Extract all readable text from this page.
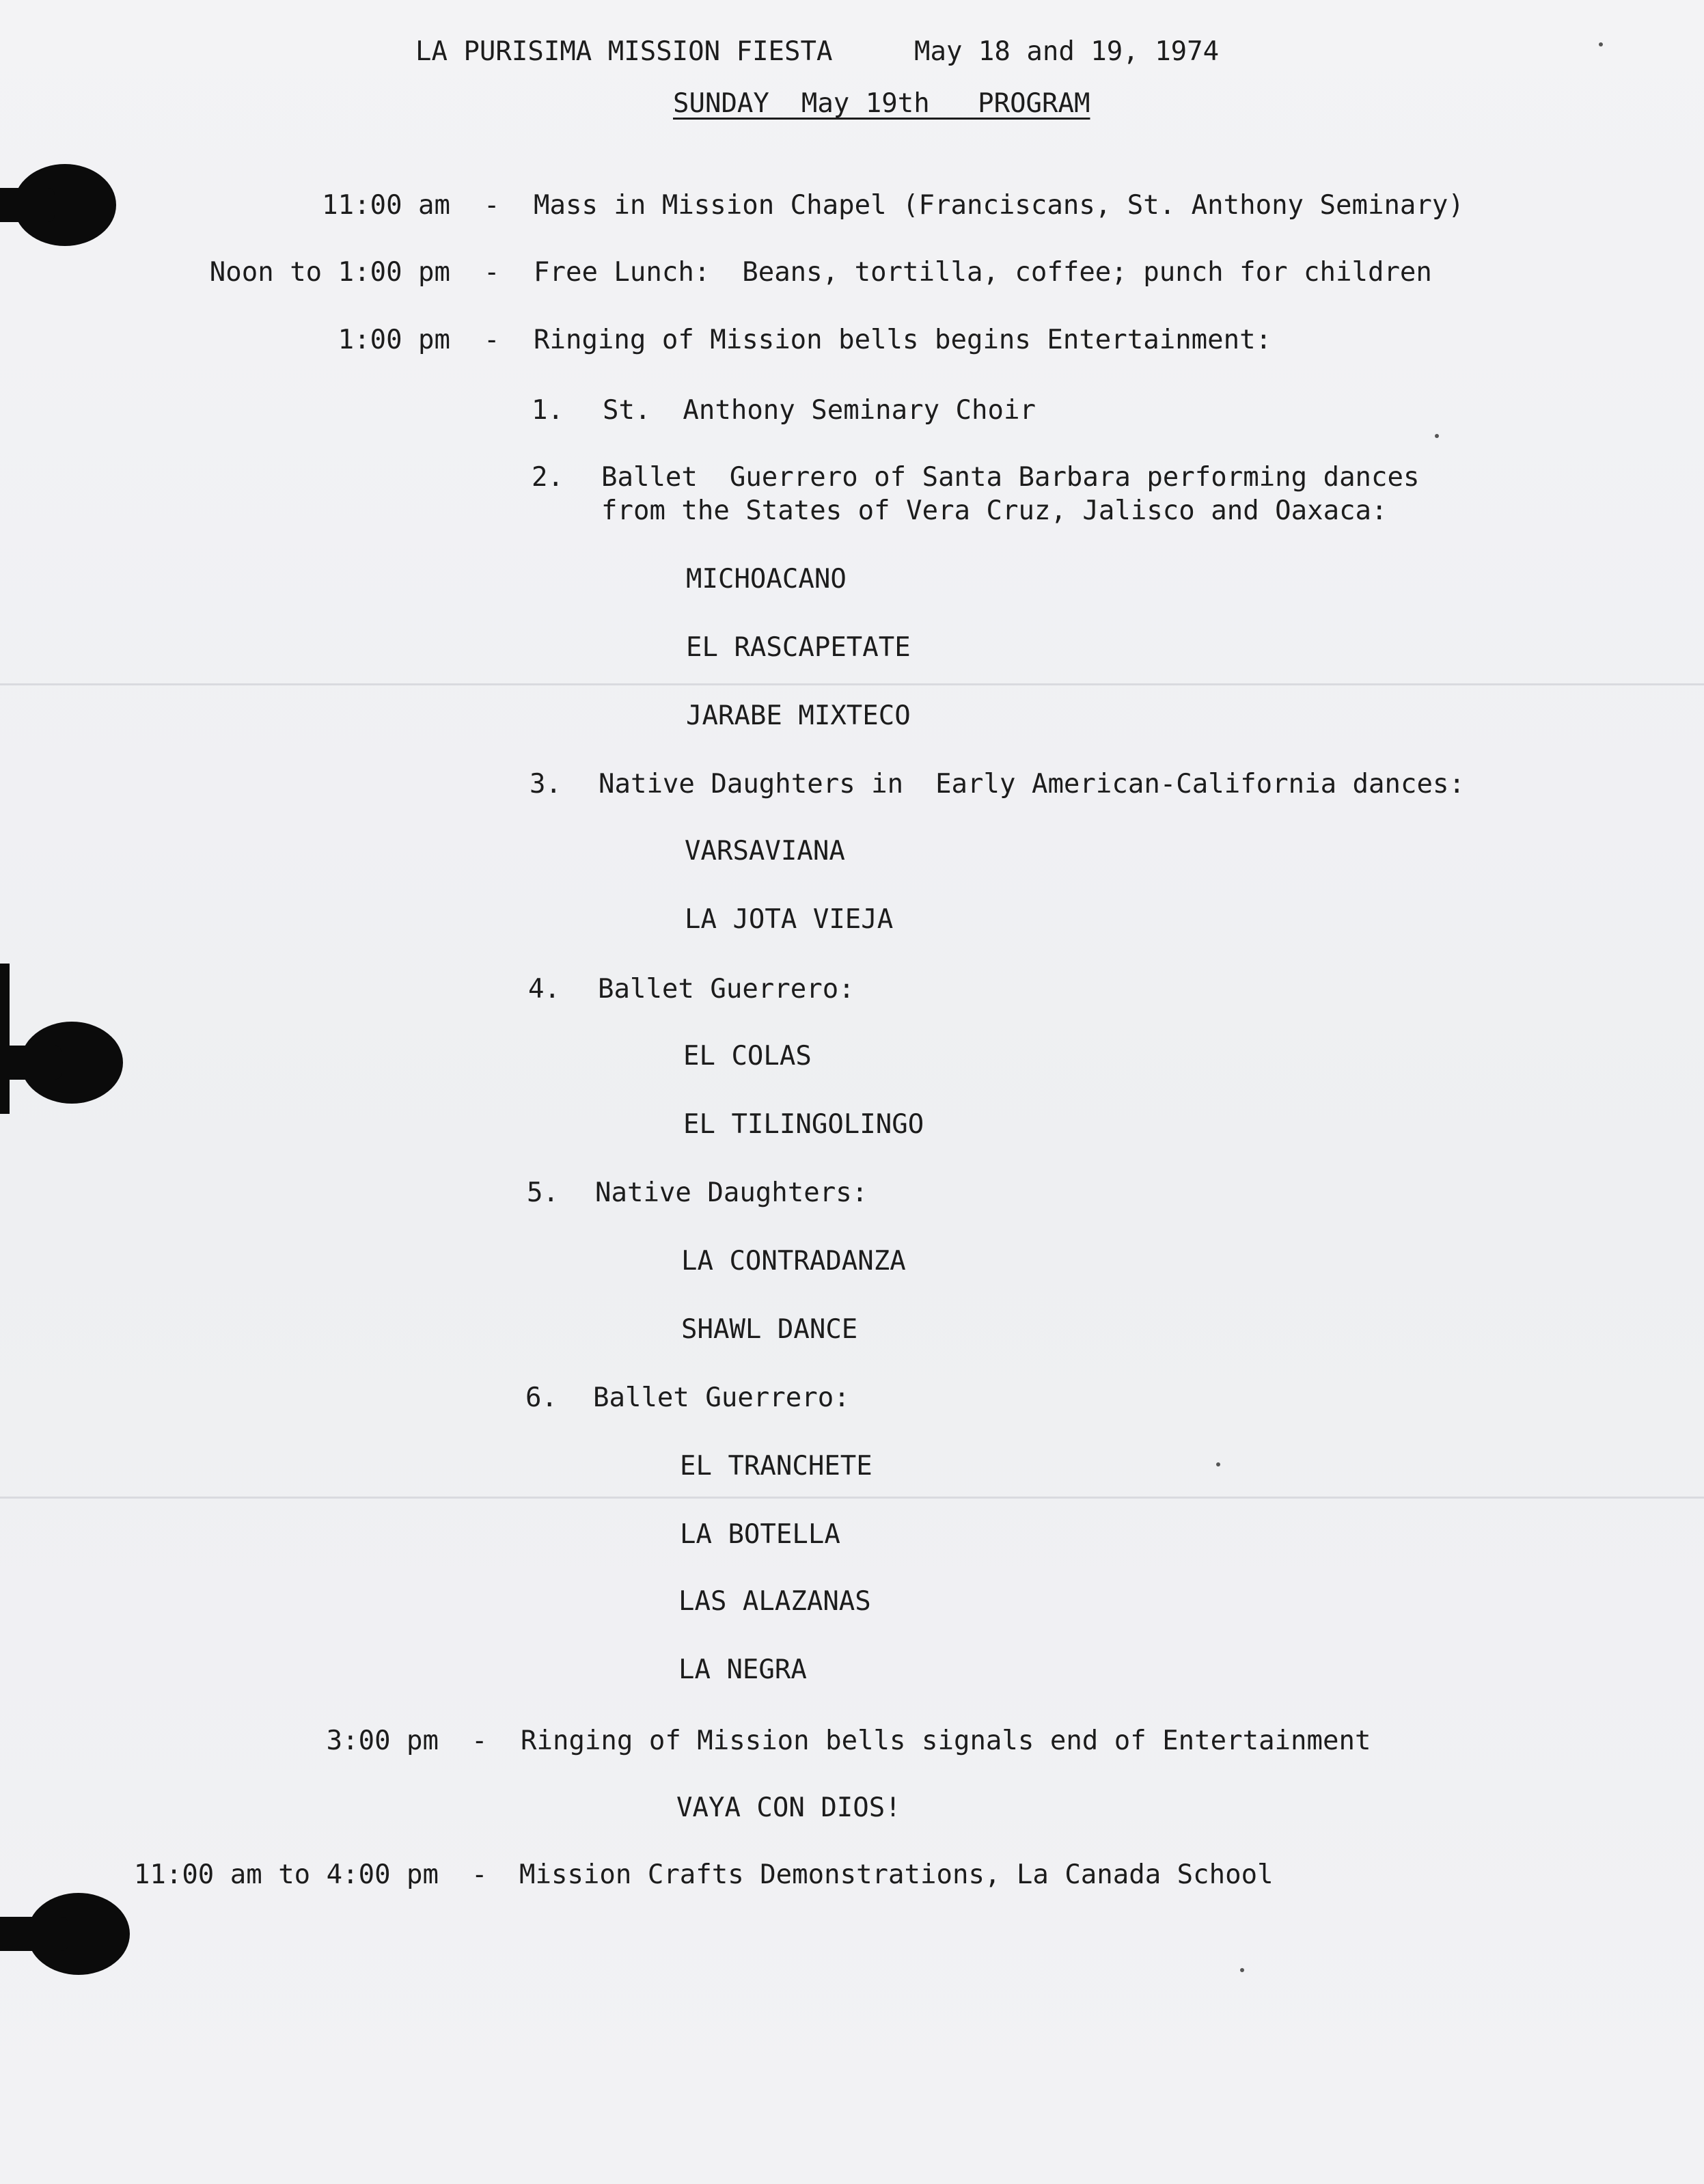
LA PURISIMA MISSION FIESTA	May 18 and 19, 1974
SUNDAY  May 19th   PROGRAM
11:00 am - Mass in Mission Chapel (Franciscans, St. Anthony Seminary)
Noon to 1:00 pm - Free Lunch:  Beans, tortilla, coffee; punch for children
1:00 pm - Ringing of Mission bells begins Entertainment:
1. St.  Anthony Seminary Choir
2. Ballet  Guerrero of Santa Barbara performing dances
from the States of Vera Cruz, Jalisco and Oaxaca:
MICHOACANO
EL RASCAPETATE
JARABE MIXTECO
3. Native Daughters in  Early American-California dances:
VARSAVIANA
LA JOTA VIEJA
4. Ballet Guerrero:
EL COLAS
EL TILINGOLINGO
5. Native Daughters:
LA CONTRADANZA
SHAWL DANCE
6. Ballet Guerrero:
EL TRANCHETE
LA BOTELLA
LAS ALAZANAS
LA NEGRA
3:00 pm - Ringing of Mission bells signals end of Entertainment
VAYA CON DIOS!
11:00 am to 4:00 pm - Mission Crafts Demonstrations, La Canada School
